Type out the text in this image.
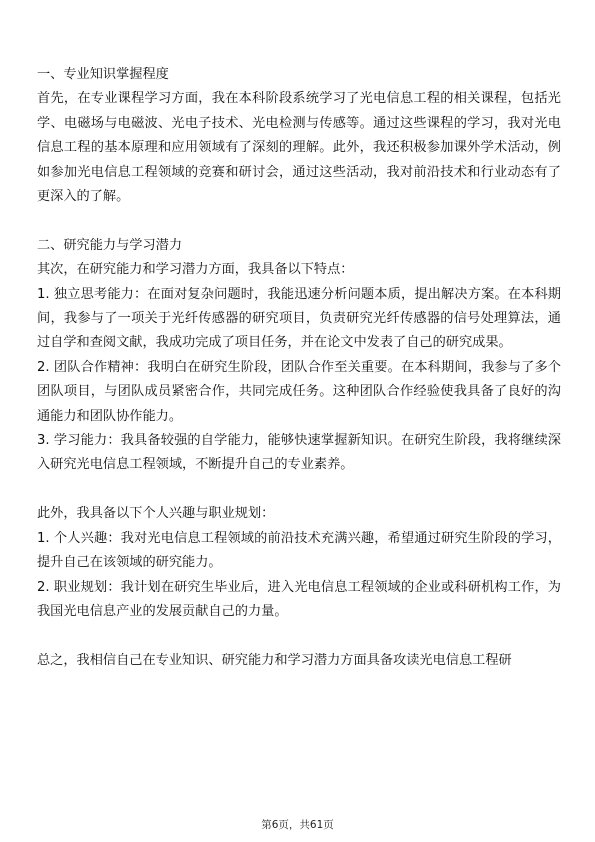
一、专业知识掌握程度

首先，在专业课程学习方面，我在本科阶段系统学习了光电信息工程的相关课程，包括光学、电磁场与电磁波、光电子技术、光电检测与传感等。通过这些课程的学习，我对光电信息工程的基本原理和应用领域有了深刻的理解。此外，我还积极参加课外学术活动，例如参加光电信息工程领域的竞赛和研讨会，通过这些活动，我对前沿技术和行业动态有了更深入的了解。

二、研究能力与学习潜力

其次，在研究能力和学习潜力方面，我具备以下特点：

1. 独立思考能力：在面对复杂问题时，我能迅速分析问题本质，提出解决方案。在本科期间，我参与了一项关于光纤传感器的研究项目，负责研究光纤传感器的信号处理算法，通过自学和查阅文献，我成功完成了项目任务，并在论文中发表了自己的研究成果。

2. 团队合作精神：我明白在研究生阶段，团队合作至关重要。在本科期间，我参与了多个团队项目，与团队成员紧密合作，共同完成任务。这种团队合作经验使我具备了良好的沟通能力和团队协作能力。

3. 学习能力：我具备较强的自学能力，能够快速掌握新知识。在研究生阶段，我将继续深入研究光电信息工程领域，不断提升自己的专业素养。

此外，我具备以下个人兴趣与职业规划：

1. 个人兴趣：我对光电信息工程领域的前沿技术充满兴趣，希望通过研究生阶段的学习，提升自己在该领域的研究能力。

2. 职业规划：我计划在研究生毕业后，进入光电信息工程领域的企业或科研机构工作，为我国光电信息产业的发展贡献自己的力量。

总之，我相信自己在专业知识、研究能力和学习潜力方面具备攻读光电信息工程研

第6页，共61页
